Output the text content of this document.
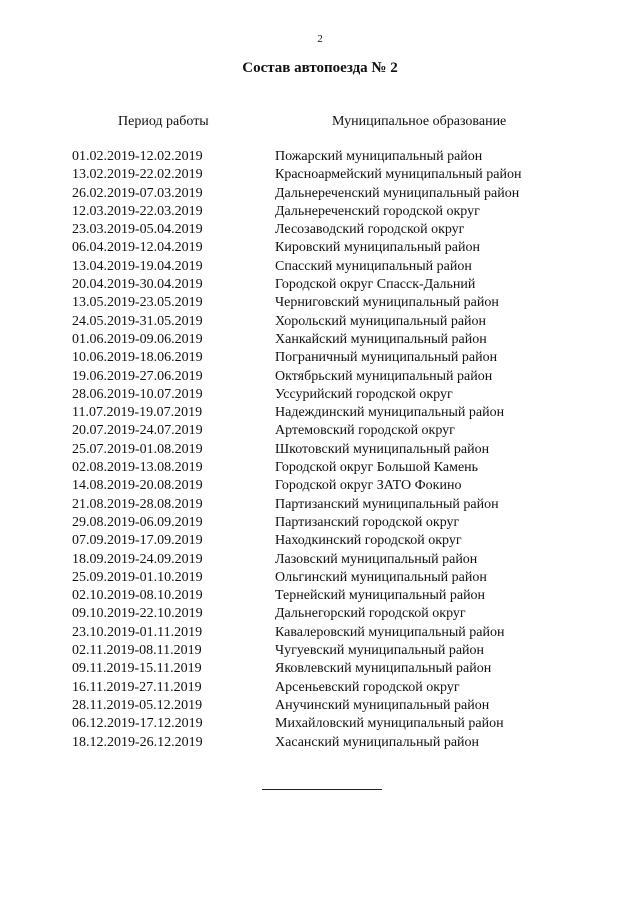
2
Состав автопоезда № 2
Период работы	Муниципальное образование
01.02.2019-12.02.2019	Пожарский муниципальный район
13.02.2019-22.02.2019	Красноармейский муниципальный район
26.02.2019-07.03.2019	Дальнереченский муниципальный район
12.03.2019-22.03.2019	Дальнереченский городской округ
23.03.2019-05.04.2019	Лесозаводский городской округ
06.04.2019-12.04.2019	Кировский муниципальный район
13.04.2019-19.04.2019	Спасский муниципальный район
20.04.2019-30.04.2019	Городской округ Спасск-Дальний
13.05.2019-23.05.2019	Черниговский муниципальный район
24.05.2019-31.05.2019	Хорольский муниципальный район
01.06.2019-09.06.2019	Ханкайский муниципальный район
10.06.2019-18.06.2019	Пограничный муниципальный район
19.06.2019-27.06.2019	Октябрьский муниципальный район
28.06.2019-10.07.2019	Уссурийский городской округ
11.07.2019-19.07.2019	Надеждинский муниципальный район
20.07.2019-24.07.2019	Артемовский городской округ
25.07.2019-01.08.2019	Шкотовский муниципальный район
02.08.2019-13.08.2019	Городской округ Большой Камень
14.08.2019-20.08.2019	Городской округ ЗАТО Фокино
21.08.2019-28.08.2019	Партизанский муниципальный район
29.08.2019-06.09.2019	Партизанский городской округ
07.09.2019-17.09.2019	Находкинский городской округ
18.09.2019-24.09.2019	Лазовский муниципальный район
25.09.2019-01.10.2019	Ольгинский муниципальный район
02.10.2019-08.10.2019	Тернейский муниципальный район
09.10.2019-22.10.2019	Дальнегорский городской округ
23.10.2019-01.11.2019	Кавалеровский муниципальный район
02.11.2019-08.11.2019	Чугуевский муниципальный район
09.11.2019-15.11.2019	Яковлевский муниципальный район
16.11.2019-27.11.2019	Арсеньевский городской округ
28.11.2019-05.12.2019	Анучинский муниципальный район
06.12.2019-17.12.2019	Михайловский муниципальный район
18.12.2019-26.12.2019	Хасанский муниципальный район
